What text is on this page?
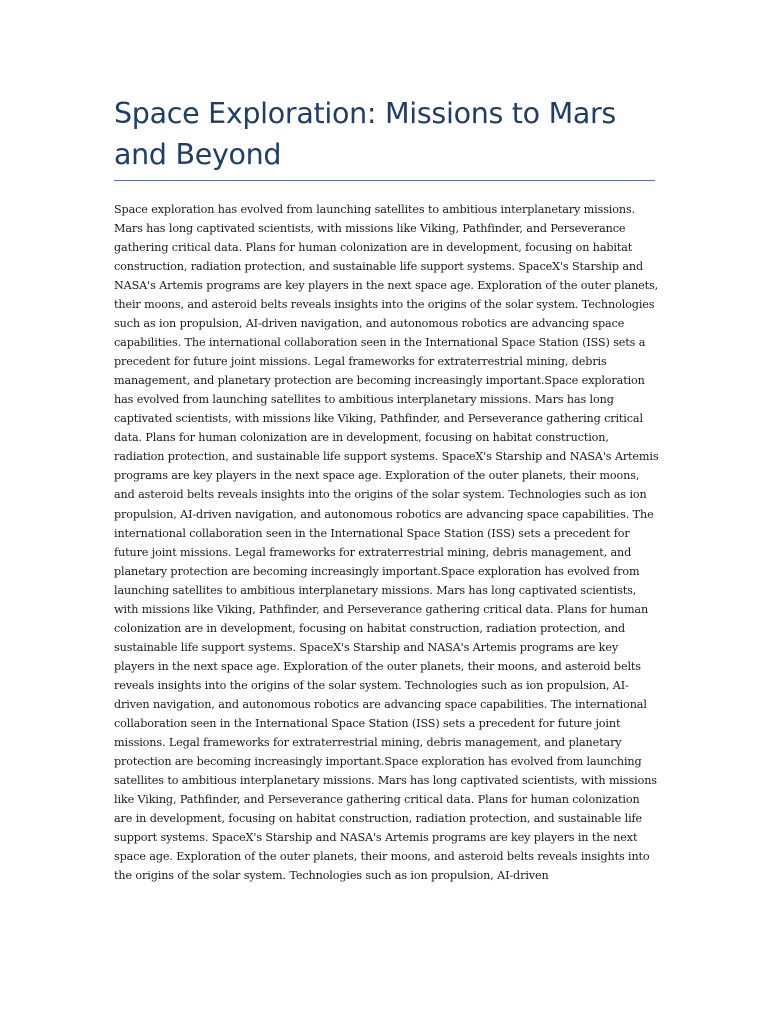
Space Exploration: Missions to Mars and Beyond

Space exploration has evolved from launching satellites to ambitious interplanetary missions. Mars has long captivated scientists, with missions like Viking, Pathfinder, and Perseverance gathering critical data. Plans for human colonization are in development, focusing on habitat construction, radiation protection, and sustainable life support systems. SpaceX's Starship and NASA's Artemis programs are key players in the next space age. Exploration of the outer planets, their moons, and asteroid belts reveals insights into the origins of the solar system. Technologies such as ion propulsion, AI-driven navigation, and autonomous robotics are advancing space capabilities. The international collaboration seen in the International Space Station (ISS) sets a precedent for future joint missions. Legal frameworks for extraterrestrial mining, debris management, and planetary protection are becoming increasingly important.Space exploration has evolved from launching satellites to ambitious interplanetary missions. Mars has long captivated scientists, with missions like Viking, Pathfinder, and Perseverance gathering critical data. Plans for human colonization are in development, focusing on habitat construction, radiation protection, and sustainable life support systems. SpaceX's Starship and NASA's Artemis programs are key players in the next space age. Exploration of the outer planets, their moons, and asteroid belts reveals insights into the origins of the solar system. Technologies such as ion propulsion, AI-driven navigation, and autonomous robotics are advancing space capabilities. The international collaboration seen in the International Space Station (ISS) sets a precedent for future joint missions. Legal frameworks for extraterrestrial mining, debris management, and planetary protection are becoming increasingly important.Space exploration has evolved from launching satellites to ambitious interplanetary missions. Mars has long captivated scientists, with missions like Viking, Pathfinder, and Perseverance gathering critical data. Plans for human colonization are in development, focusing on habitat construction, radiation protection, and sustainable life support systems. SpaceX's Starship and NASA's Artemis programs are key players in the next space age. Exploration of the outer planets, their moons, and asteroid belts reveals insights into the origins of the solar system. Technologies such as ion propulsion, AI-driven navigation, and autonomous robotics are advancing space capabilities. The international collaboration seen in the International Space Station (ISS) sets a precedent for future joint missions. Legal frameworks for extraterrestrial mining, debris management, and planetary protection are becoming increasingly important.Space exploration has evolved from launching satellites to ambitious interplanetary missions. Mars has long captivated scientists, with missions like Viking, Pathfinder, and Perseverance gathering critical data. Plans for human colonization are in development, focusing on habitat construction, radiation protection, and sustainable life support systems. SpaceX's Starship and NASA's Artemis programs are key players in the next space age. Exploration of the outer planets, their moons, and asteroid belts reveals insights into the origins of the solar system. Technologies such as ion propulsion, AI-driven
